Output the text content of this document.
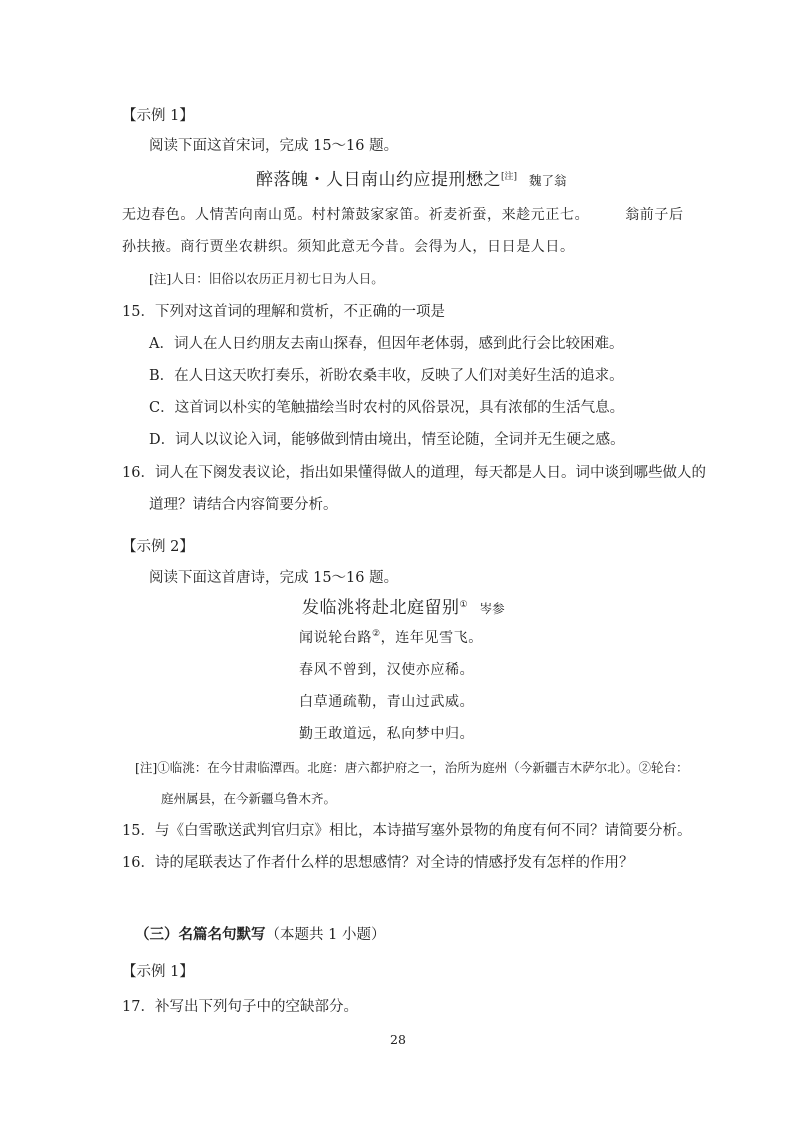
【示例 1】
阅读下面这首宋词，完成 15～16 题。
醉落魄・人日南山约应提刑懋之[注] 魏了翁
无边春色。人情苦向南山觅。村村箫鼓家家笛。祈麦祈蚕，来趁元正七。	翁前子后
孙扶掖。商行贾坐农耕织。须知此意无今昔。会得为人，日日是人日。
[注]人日：旧俗以农历正月初七日为人日。
15．下列对这首词的理解和赏析，不正确的一项是
A．词人在人日约朋友去南山探春，但因年老体弱，感到此行会比较困难。
B．在人日这天吹打奏乐，祈盼农桑丰收，反映了人们对美好生活的追求。
C．这首词以朴实的笔触描绘当时农村的风俗景况，具有浓郁的生活气息。
D．词人以议论入词，能够做到情由境出，情至论随，全词并无生硬之感。
16．词人在下阕发表议论，指出如果懂得做人的道理，每天都是人日。词中谈到哪些做人的
道理？请结合内容简要分析。
【示例 2】
阅读下面这首唐诗，完成 15～16 题。
发临洮将赴北庭留别① 岑参
闻说轮台路②，连年见雪飞。
春风不曾到，汉使亦应稀。
白草通疏勒，青山过武威。
勤王敢道远，私向梦中归。
[注]①临洮：在今甘肃临潭西。北庭：唐六都护府之一，治所为庭州（今新疆吉木萨尔北）。②轮台：
庭州属县，在今新疆乌鲁木齐。
15．与《白雪歌送武判官归京》相比，本诗描写塞外景物的角度有何不同？请简要分析。
16．诗的尾联表达了作者什么样的思想感情？对全诗的情感抒发有怎样的作用？
（三）名篇名句默写（本题共 1 小题）
【示例 1】
17．补写出下列句子中的空缺部分。
28
